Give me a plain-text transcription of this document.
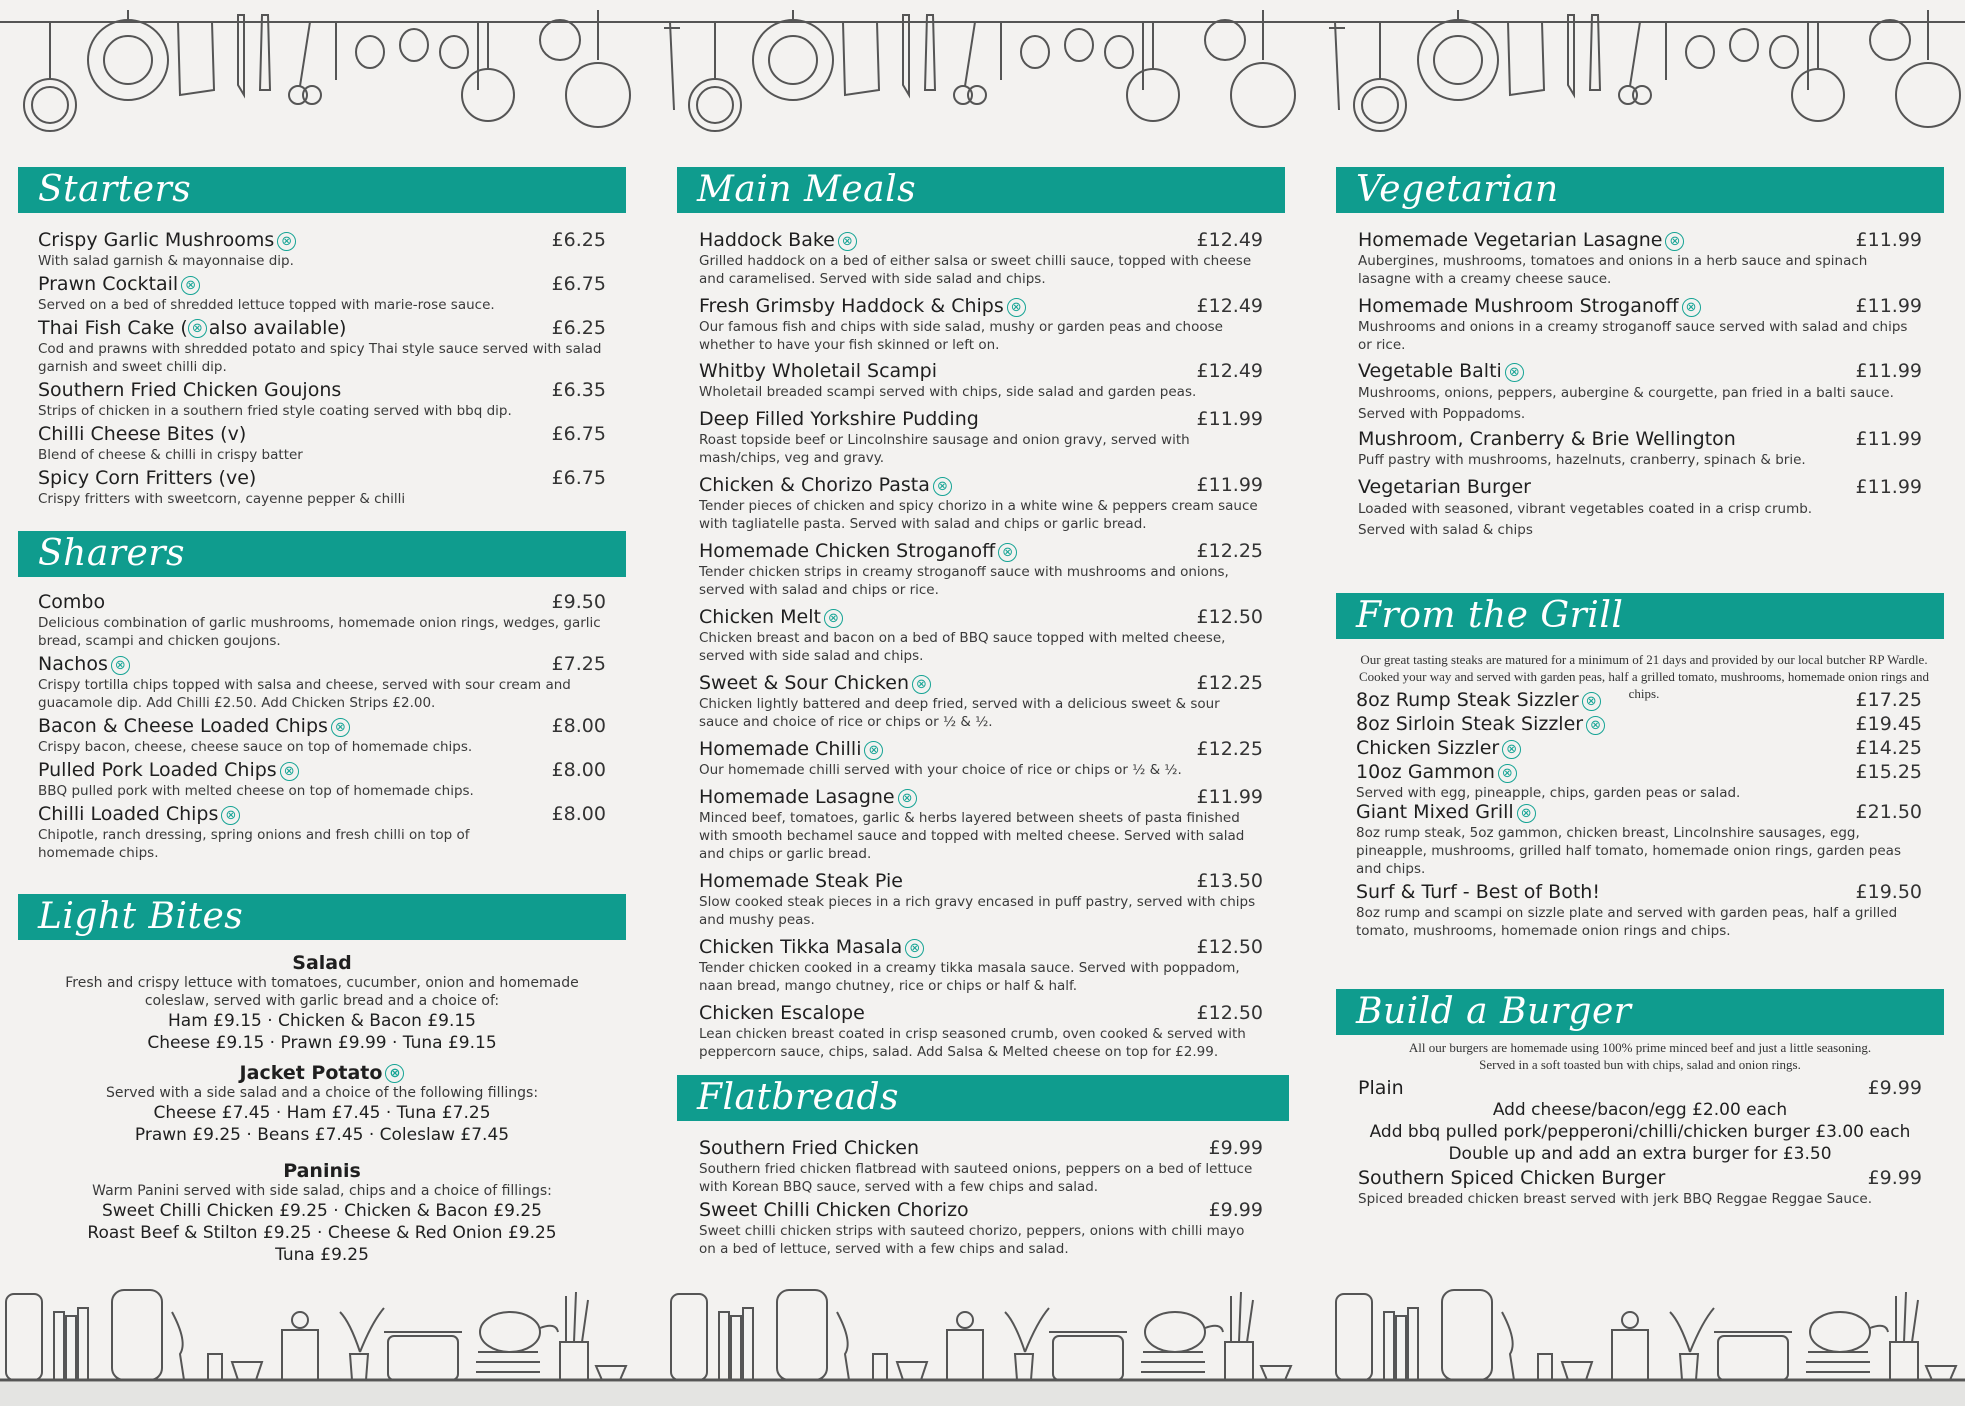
Starters
Crispy Garlic Mushrooms ⊗	£6.25
With salad garnish & mayonnaise dip.
Prawn Cocktail ⊗	£6.75
Served on a bed of shredded lettuce topped with marie-rose sauce.
Thai Fish Cake ( ⊗ also available)	£6.25
Cod and prawns with shredded potato and spicy Thai style sauce served with salad garnish and sweet chilli dip.
Southern Fried Chicken Goujons	£6.35
Strips of chicken in a southern fried style coating served with bbq dip.
Chilli Cheese Bites (v)	£6.75
Blend of cheese & chilli in crispy batter
Spicy Corn Fritters (ve)	£6.75
Crispy fritters with sweetcorn, cayenne pepper & chilli
Sharers
Combo	£9.50
Delicious combination of garlic mushrooms, homemade onion rings, wedges, garlic bread, scampi and chicken goujons.
Nachos ⊗	£7.25
Crispy tortilla chips topped with salsa and cheese, served with sour cream and guacamole dip. Add Chilli £2.50. Add Chicken Strips £2.00.
Bacon & Cheese Loaded Chips ⊗	£8.00
Crispy bacon, cheese, cheese sauce on top of homemade chips.
Pulled Pork Loaded Chips ⊗	£8.00
BBQ pulled pork with melted cheese on top of homemade chips.
Chilli Loaded Chips ⊗	£8.00
Chipotle, ranch dressing, spring onions and fresh chilli on top of homemade chips.
Light Bites
Salad
Fresh and crispy lettuce with tomatoes, cucumber, onion and homemade coleslaw, served with garlic bread and a choice of:
Ham £9.15 · Chicken & Bacon £9.15
Cheese £9.15 · Prawn £9.99 · Tuna £9.15
Jacket Potato ⊗
Served with a side salad and a choice of the following fillings:
Cheese £7.45 · Ham £7.45 · Tuna £7.25
Prawn £9.25 · Beans £7.45 · Coleslaw £7.45
Paninis
Warm Panini served with side salad, chips and a choice of fillings:
Sweet Chilli Chicken £9.25 · Chicken & Bacon £9.25
Roast Beef & Stilton £9.25 · Cheese & Red Onion £9.25
Tuna £9.25
Main Meals
Haddock Bake ⊗	£12.49
Grilled haddock on a bed of either salsa or sweet chilli sauce, topped with cheese and caramelised. Served with side salad and chips.
Fresh Grimsby Haddock & Chips ⊗	£12.49
Our famous fish and chips with side salad, mushy or garden peas and choose whether to have your fish skinned or left on.
Whitby Wholetail Scampi	£12.49
Wholetail breaded scampi served with chips, side salad and garden peas.
Deep Filled Yorkshire Pudding	£11.99
Roast topside beef or Lincolnshire sausage and onion gravy, served with mash/chips, veg and gravy.
Chicken & Chorizo Pasta ⊗	£11.99
Tender pieces of chicken and spicy chorizo in a white wine & peppers cream sauce with tagliatelle pasta. Served with salad and chips or garlic bread.
Homemade Chicken Stroganoff ⊗	£12.25
Tender chicken strips in creamy stroganoff sauce with mushrooms and onions, served with salad and chips or rice.
Chicken Melt ⊗	£12.50
Chicken breast and bacon on a bed of BBQ sauce topped with melted cheese, served with side salad and chips.
Sweet & Sour Chicken ⊗	£12.25
Chicken lightly battered and deep fried, served with a delicious sweet & sour sauce and choice of rice or chips or ½ & ½.
Homemade Chilli ⊗	£12.25
Our homemade chilli served with your choice of rice or chips or ½ & ½.
Homemade Lasagne ⊗	£11.99
Minced beef, tomatoes, garlic & herbs layered between sheets of pasta finished with smooth bechamel sauce and topped with melted cheese. Served with salad and chips or garlic bread.
Homemade Steak Pie	£13.50
Slow cooked steak pieces in a rich gravy encased in puff pastry, served with chips and mushy peas.
Chicken Tikka Masala ⊗	£12.50
Tender chicken cooked in a creamy tikka masala sauce. Served with poppadom, naan bread, mango chutney, rice or chips or half & half.
Chicken Escalope	£12.50
Lean chicken breast coated in crisp seasoned crumb, oven cooked & served with peppercorn sauce, chips, salad. Add Salsa & Melted cheese on top for £2.99.
Flatbreads
Southern Fried Chicken	£9.99
Southern fried chicken flatbread with sauteed onions, peppers on a bed of lettuce with Korean BBQ sauce, served with a few chips and salad.
Sweet Chilli Chicken Chorizo	£9.99
Sweet chilli chicken strips with sauteed chorizo, peppers, onions with chilli mayo on a bed of lettuce, served with a few chips and salad.
Vegetarian
Homemade Vegetarian Lasagne ⊗	£11.99
Aubergines, mushrooms, tomatoes and onions in a herb sauce and spinach lasagne with a creamy cheese sauce.
Homemade Mushroom Stroganoff ⊗	£11.99
Mushrooms and onions in a creamy stroganoff sauce served with salad and chips or rice.
Vegetable Balti ⊗	£11.99
Mushrooms, onions, peppers, aubergine & courgette, pan fried in a balti sauce. Served with Poppadoms.
Mushroom, Cranberry & Brie Wellington	£11.99
Puff pastry with mushrooms, hazelnuts, cranberry, spinach & brie.
Vegetarian Burger	£11.99
Loaded with seasoned, vibrant vegetables coated in a crisp crumb. Served with salad & chips
From the Grill
Our great tasting steaks are matured for a minimum of 21 days and provided by our local butcher RP Wardle. Cooked your way and served with garden peas, half a grilled tomato, mushrooms, homemade onion rings and chips.
8oz Rump Steak Sizzler ⊗	£17.25
8oz Sirloin Steak Sizzler ⊗	£19.45
Chicken Sizzler ⊗	£14.25
10oz Gammon ⊗	£15.25
Served with egg, pineapple, chips, garden peas or salad.
Giant Mixed Grill ⊗	£21.50
8oz rump steak, 5oz gammon, chicken breast, Lincolnshire sausages, egg, pineapple, mushrooms, grilled half tomato, homemade onion rings, garden peas and chips.
Surf & Turf - Best of Both!	£19.50
8oz rump and scampi on sizzle plate and served with garden peas, half a grilled tomato, mushrooms, homemade onion rings and chips.
Build a Burger
All our burgers are homemade using 100% prime minced beef and just a little seasoning.
Served in a soft toasted bun with chips, salad and onion rings.
Plain	£9.99
Add cheese/bacon/egg £2.00 each
Add bbq pulled pork/pepperoni/chilli/chicken burger £3.00 each
Double up and add an extra burger for £3.50
Southern Spiced Chicken Burger	£9.99
Spiced breaded chicken breast served with jerk BBQ Reggae Reggae Sauce.
